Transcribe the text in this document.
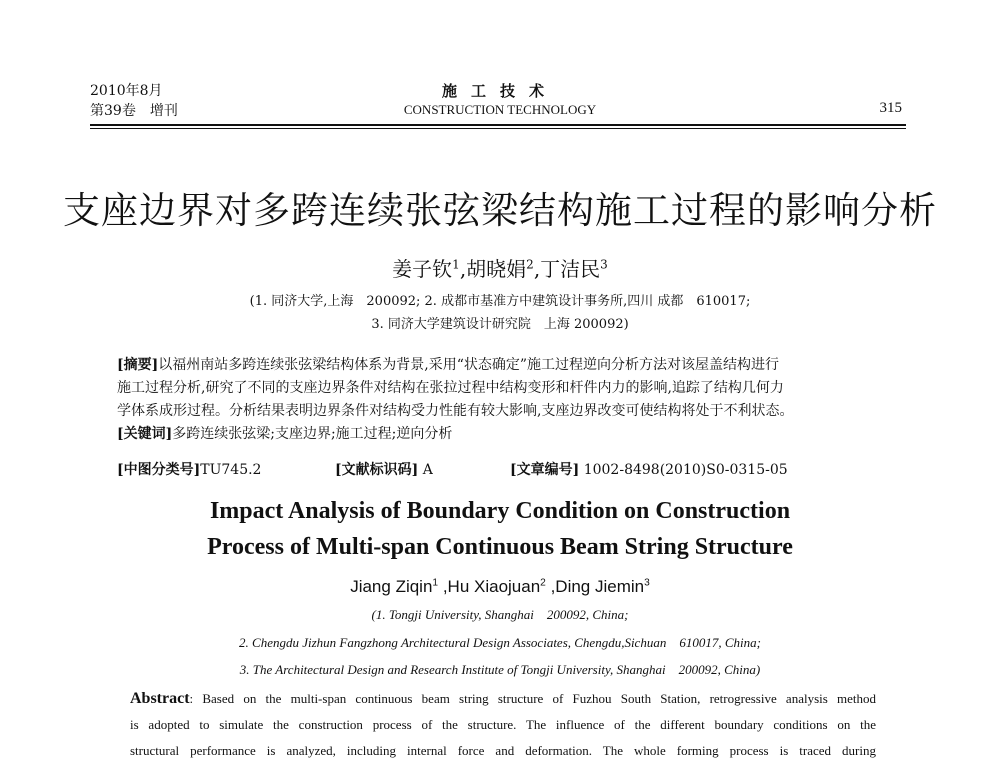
2010年8月
第39卷　增刊
施工技术
CONSTRUCTION TECHNOLOGY	315
支座边界对多跨连续张弦梁结构施工过程的影响分析
姜子钦$^1$,胡晓娟$^2$,丁洁民$^3$
(1. 同济大学,上海　200092; 2. 成都市基准方中建筑设计事务所,四川 成都　610017;
3. 同济大学建筑设计研究院　上海 200092)
[摘要]以福州南站多跨连续张弦梁结构体系为背景,采用“状态确定”施工过程逆向分析方法对该屋盖结构进行
施工过程分析,研究了不同的支座边界条件对结构在张拉过程中结构变形和杆件内力的影响,追踪了结构几何力
学体系成形过程。分析结果表明边界条件对结构受力性能有较大影响,支座边界改变可使结构将处于不利状态。
[关键词]多跨连续张弦梁;支座边界;施工过程;逆向分析
[中图分类号]TU745.2	[文献标识码] A	[文章编号] 1002-8498(2010)S0-0315-05
Impact Analysis of Boundary Condition on Construction
Process of Multi-span Continuous Beam String Structure
Jiang Ziqin$^1$ ,Hu Xiaojuan$^2$ ,Ding Jiemin$^3$
(1. Tongji University, Shanghai　200092, China;
2. Chengdu Jizhun Fangzhong Architectural Design Associates, Chengdu,Sichuan　610017, China;
3. The Architectural Design and Research Institute of Tongji University, Shanghai　200092, China)
Abstract: Based on the multi-span continuous beam string structure of Fuzhou South Station, retrogressive analysis method
is adopted to simulate the construction process of the structure. The influence of the different boundary conditions on the
structural performance is analyzed, including internal force and deformation. The whole forming process is traced during
